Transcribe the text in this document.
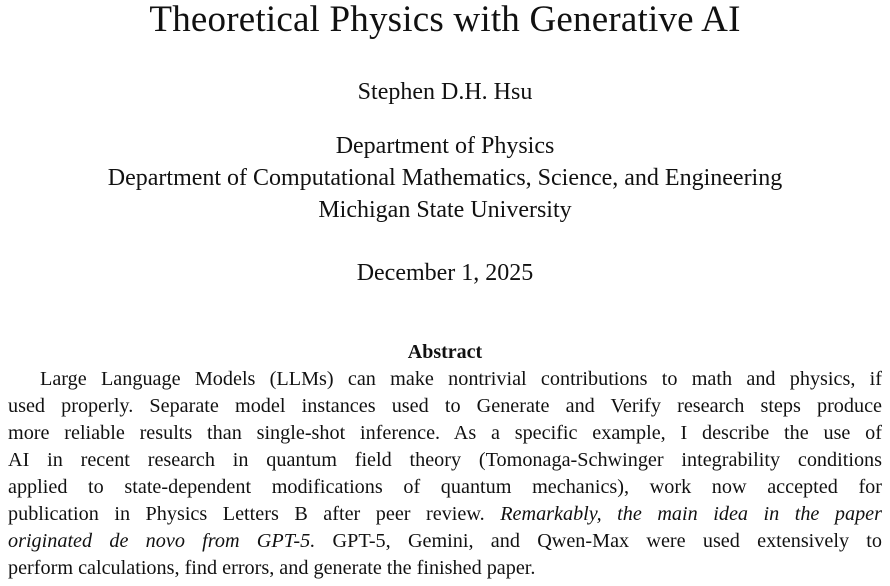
Theoretical Physics with Generative AI
Stephen D.H. Hsu
Department of Physics
Department of Computational Mathematics, Science, and Engineering
Michigan State University
December 1, 2025
Abstract
Large Language Models (LLMs) can make nontrivial contributions to math and physics, if
used properly. Separate model instances used to Generate and Verify research steps produce
more reliable results than single-shot inference. As a specific example, I describe the use of
AI in recent research in quantum field theory (Tomonaga-Schwinger integrability conditions
applied to state-dependent modifications of quantum mechanics), work now accepted for
publication in Physics Letters B after peer review. Remarkably, the main idea in the paper
originated de novo from GPT-5. GPT-5, Gemini, and Qwen-Max were used extensively to
perform calculations, find errors, and generate the finished paper.
